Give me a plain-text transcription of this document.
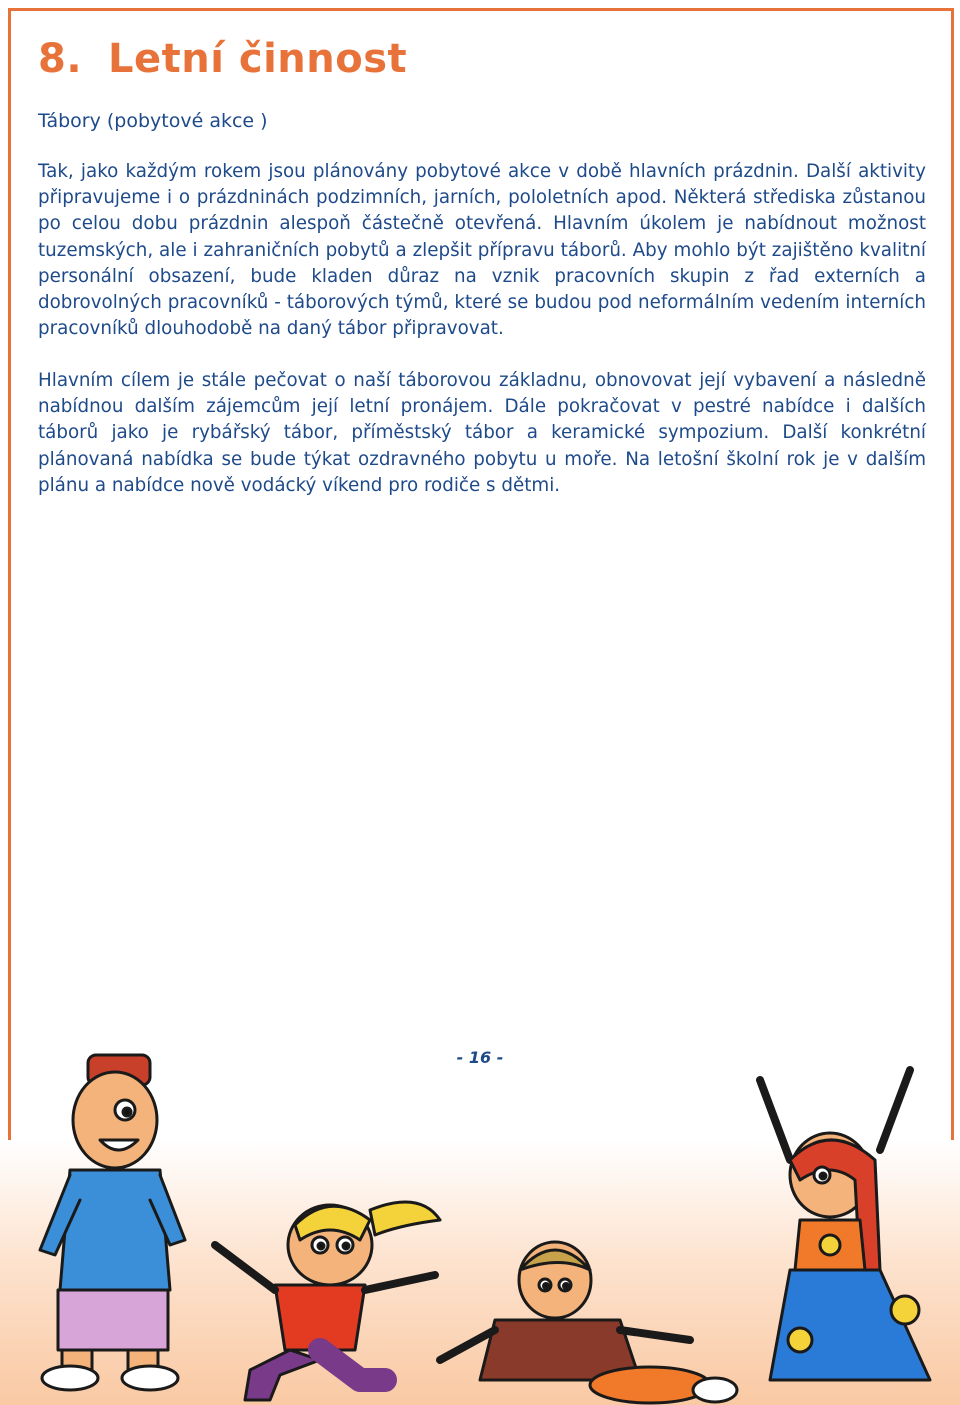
8. Letní činnost

Tábory (pobytové akce )

Tak, jako každým rokem jsou plánovány pobytové akce v době hlavních prázdnin. Další aktivity připravujeme i o prázdninách podzimních, jarních, pololetních apod. Některá střediska zůstanou po celou dobu prázdnin alespoň částečně otevřená. Hlavním úkolem je nabídnout možnost tuzemských, ale i zahraničních pobytů a zlepšit přípravu táborů. Aby mohlo být zajištěno kvalitní personální obsazení, bude kladen důraz na vznik pracovních skupin z řad externích a dobrovolných pracovníků - táborových týmů, které se budou pod neformálním vedením interních pracovníků dlouhodobě na daný tábor připravovat.

Hlavním cílem je stále pečovat o naší táborovou základnu, obnovovat její vybavení a následně nabídnou dalším zájemcům její letní pronájem. Dále pokračovat v pestré nabídce i dalších táborů jako je rybářský tábor, příměstský tábor a keramické sympozium. Další konkrétní plánovaná nabídka se bude týkat ozdravného pobytu u moře. Na letošní školní rok je v dalším plánu a nabídce nově vodácký víkend pro rodiče s dětmi.

- 16 -
